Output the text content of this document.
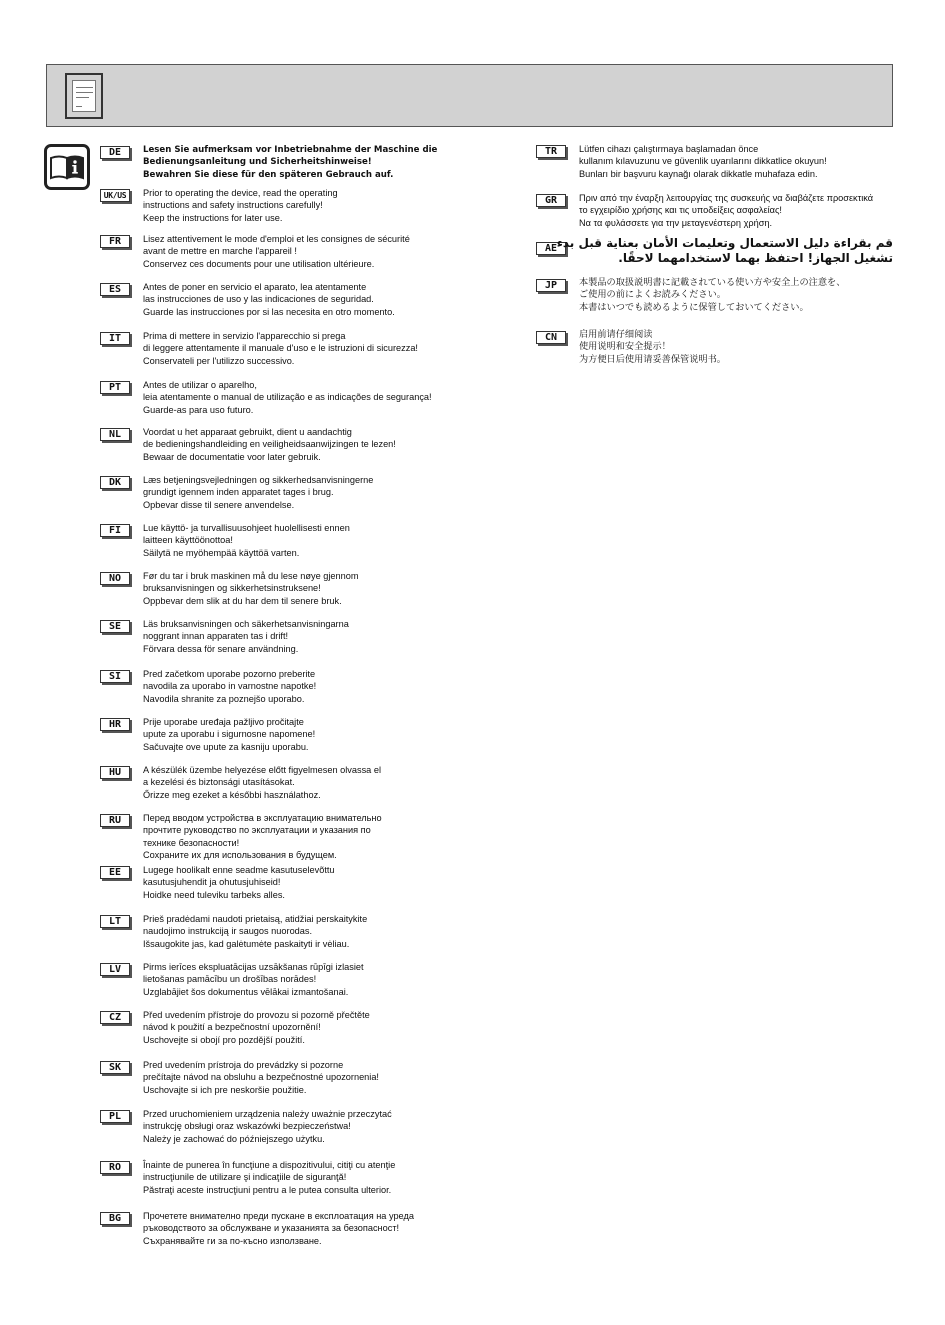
DE	Lesen Sie aufmerksam vor Inbetriebnahme der Maschine die
Bedienungsanleitung und Sicherheitshinweise!
Bewahren Sie diese für den späteren Gebrauch auf.
UK/US	Prior to operating the device, read the operating
instructions and safety instructions carefully!
Keep the instructions for later use.
FR	Lisez attentivement le mode d'emploi et les consignes de sécurité
avant de mettre en marche l'appareil !
Conservez ces documents pour une utilisation ultérieure.
ES	Antes de poner en servicio el aparato, lea atentamente
las instrucciones de uso y las indicaciones de seguridad.
Guarde las instrucciones por si las necesita en otro momento.
IT	Prima di mettere in servizio l'apparecchio si prega
di leggere attentamente il manuale d'uso e le istruzioni di sicurezza!
Conservateli per l'utilizzo successivo.
PT	Antes de utilizar o aparelho,
leia atentamente o manual de utilização e as indicações de segurança!
Guarde-as para uso futuro.
NL	Voordat u het apparaat gebruikt, dient u aandachtig
de bedieningshandleiding en veiligheidsaanwijzingen te lezen!
Bewaar de documentatie voor later gebruik.
DK	Læs betjeningsvejledningen og sikkerhedsanvisningerne
grundigt igennem inden apparatet tages i brug.
Opbevar disse til senere anvendelse.
FI	Lue käyttö- ja turvallisuusohjeet huolellisesti ennen
laitteen käyttöönottoa!
Säilytä ne myöhempää käyttöä varten.
NO	Før du tar i bruk maskinen må du lese nøye gjennom
bruksanvisningen og sikkerhetsinstruksene!
Oppbevar dem slik at du har dem til senere bruk.
SE	Läs bruksanvisningen och säkerhetsanvisningarna
noggrant innan apparaten tas i drift!
Förvara dessa för senare användning.
SI	Pred začetkom uporabe pozorno preberite
navodila za uporabo in varnostne napotke!
Navodila shranite za poznejšo uporabo.
HR	Prije uporabe uređaja pažljivo pročitajte
upute za uporabu i sigurnosne napomene!
Sačuvajte ove upute za kasniju uporabu.
HU	A készülék üzembe helyezése előtt figyelmesen olvassa el
a kezelési és biztonsági utasításokat.
Őrizze meg ezeket a későbbi használathoz.
RU	Перед вводом устройства в эксплуатацию внимательно
прочтите руководство по эксплуатации и указания по
технике безопасности!
Сохраните их для использования в будущем.
EE	Lugege hoolikalt enne seadme kasutuselevõttu
kasutusjuhendit ja ohutusjuhiseid!
Hoidke need tuleviku tarbeks alles.
LT	Prieš pradėdami naudoti prietaisą, atidžiai perskaitykite
naudojimo instrukciją ir saugos nuorodas.
Išsaugokite jas, kad galėtumėte paskaityti ir vėliau.
LV	Pirms ierīces ekspluatācijas uzsākšanas rūpīgi izlasiet
lietošanas pamācību un drošības norādes!
Uzglabājiet šos dokumentus vēlākai izmantošanai.
CZ	Před uvedením přístroje do provozu si pozorně přečtěte
návod k použití a bezpečnostní upozornění!
Uschovejte si obojí pro pozdější použití.
SK	Pred uvedením prístroja do prevádzky si pozorne
prečítajte návod na obsluhu a bezpečnostné upozornenia!
Uschovajte si ich pre neskoršie použitie.
PL	Przed uruchomieniem urządzenia należy uważnie przeczytać
instrukcję obsługi oraz wskazówki bezpieczeństwa!
Należy je zachować do późniejszego użytku.
RO	Înainte de punerea în funcţiune a dispozitivului, citiţi cu atenţie
instrucţiunile de utilizare şi indicaţiile de siguranţă!
Păstraţi aceste instrucţiuni pentru a le putea consulta ulterior.
BG	Прочетете внимателно преди пускане в експлоатация на уреда
ръководството за обслужване и указанията за безопасност!
Съхранявайте ги за по-късно използване.
TR	Lütfen cihazı çalıştırmaya başlamadan önce
kullanım kılavuzunu ve güvenlik uyarılarını dikkatlice okuyun!
Bunları bir başvuru kaynağı olarak dikkatle muhafaza edin.
GR	Πριν από την έναρξη λειτουργίας της συσκευής να διαβάζετε προσεκτικά
το εγχειρίδιο χρήσης και τις υποδείξεις ασφαλείας!
Να τα φυλάσσετε για την μεταγενέστερη χρήση.
AE قم بقراءة دليل الاستعمال وتعليمات الأمان بعناية قبل بدء
تشغيل الجهاز! احتفظ بهما لاستخدامهما لاحقًا.
JP	本製品の取扱説明書に記載されている使い方や安全上の注意を、
ご使用の前によくお読みください。
本書はいつでも読めるように保管しておいてください。
CN	启用前请仔细阅读
使用说明和安全提示！
为方便日后使用请妥善保管说明书。
